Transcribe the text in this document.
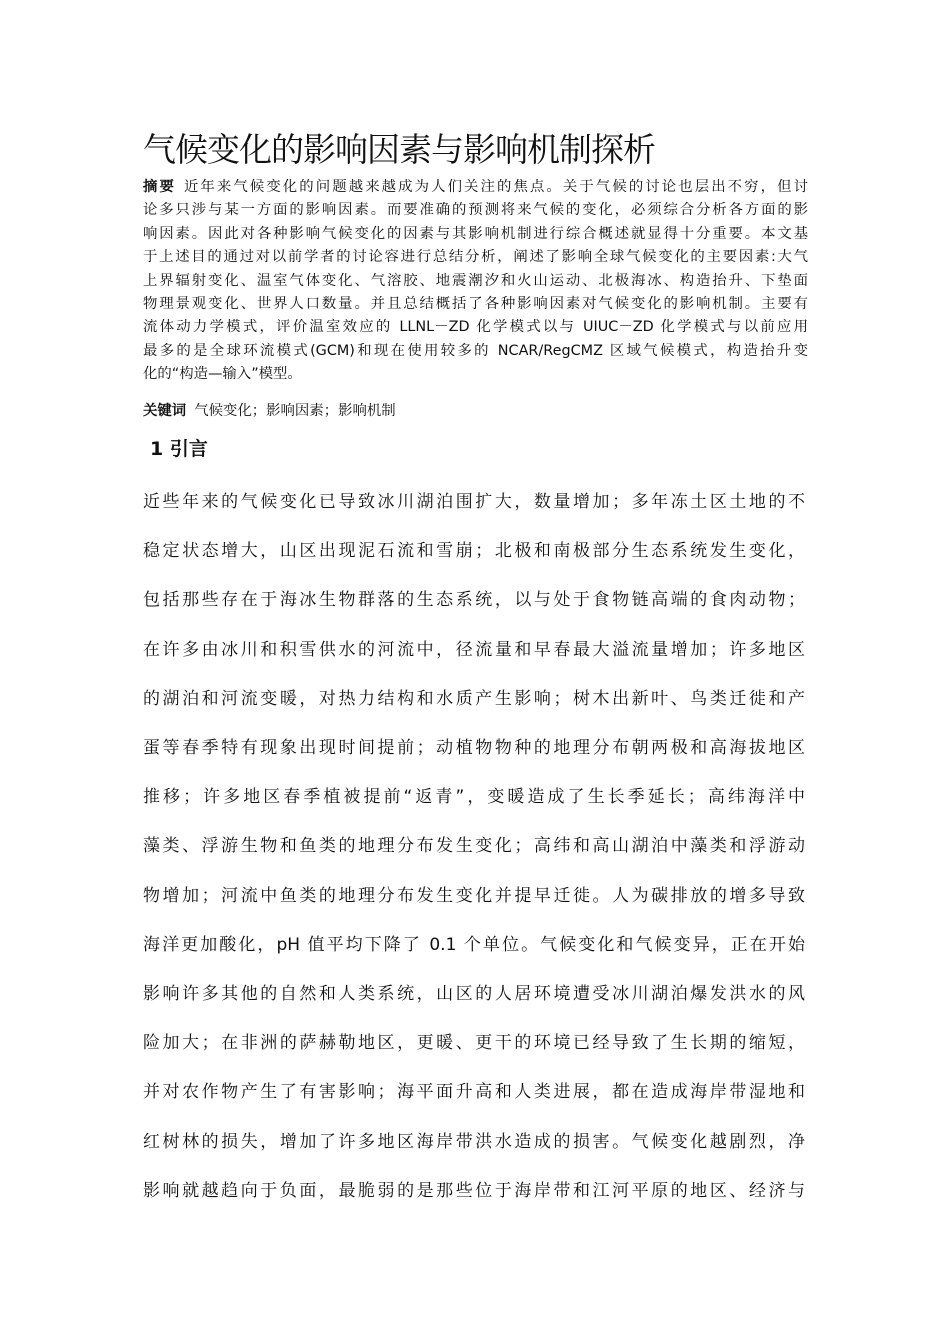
气候变化的影响因素与影响机制探析
摘要 近年来气候变化的问题越来越成为人们关注的焦点。关于气候的讨论也层出不穷，但讨
论多只涉与某一方面的影响因素。而要准确的预测将来气候的变化，必须综合分析各方面的影
响因素。因此对各种影响气候变化的因素与其影响机制进行综合概述就显得十分重要。本文基
于上述目的通过对以前学者的讨论容进行总结分析，阐述了影响全球气候变化的主要因素:大气
上界辐射变化、温室气体变化、气溶胶、地震潮汐和火山运动、北极海冰、构造抬升、下垫面
物理景观变化、世界人口数量。并且总结概括了各种影响因素对气候变化的影响机制。主要有
流体动力学模式，评价温室效应的 LLNL－ZD 化学模式以与 UIUC－ZD 化学模式与以前应用
最多的是全球环流模式(GCM)和现在使用较多的 NCAR/RegCMZ 区域气候模式，构造抬升变
化的“构造—输入”模型。
关键词 气候变化；影响因素；影响机制
1 引言
近些年来的气候变化已导致冰川湖泊围扩大，数量增加；多年冻土区土地的不
稳定状态增大，山区出现泥石流和雪崩；北极和南极部分生态系统发生变化，
包括那些存在于海冰生物群落的生态系统，以与处于食物链高端的食肉动物；
在许多由冰川和积雪供水的河流中，径流量和早春最大溢流量增加；许多地区
的湖泊和河流变暖，对热力结构和水质产生影响；树木出新叶、鸟类迁徙和产
蛋等春季特有现象出现时间提前；动植物物种的地理分布朝两极和高海拔地区
推移；许多地区春季植被提前“返青”，变暖造成了生长季延长；高纬海洋中
藻类、浮游生物和鱼类的地理分布发生变化；高纬和高山湖泊中藻类和浮游动
物增加；河流中鱼类的地理分布发生变化并提早迁徙。人为碳排放的增多导致
海洋更加酸化，pH 值平均下降了 0.1 个单位。气候变化和气候变异，正在开始
影响许多其他的自然和人类系统，山区的人居环境遭受冰川湖泊爆发洪水的风
险加大；在非洲的萨赫勒地区，更暖、更干的环境已经导致了生长期的缩短，
并对农作物产生了有害影响；海平面升高和人类进展，都在造成海岸带湿地和
红树林的损失，增加了许多地区海岸带洪水造成的损害。气候变化越剧烈，净
影响就越趋向于负面，最脆弱的是那些位于海岸带和江河平原的地区、经济与
